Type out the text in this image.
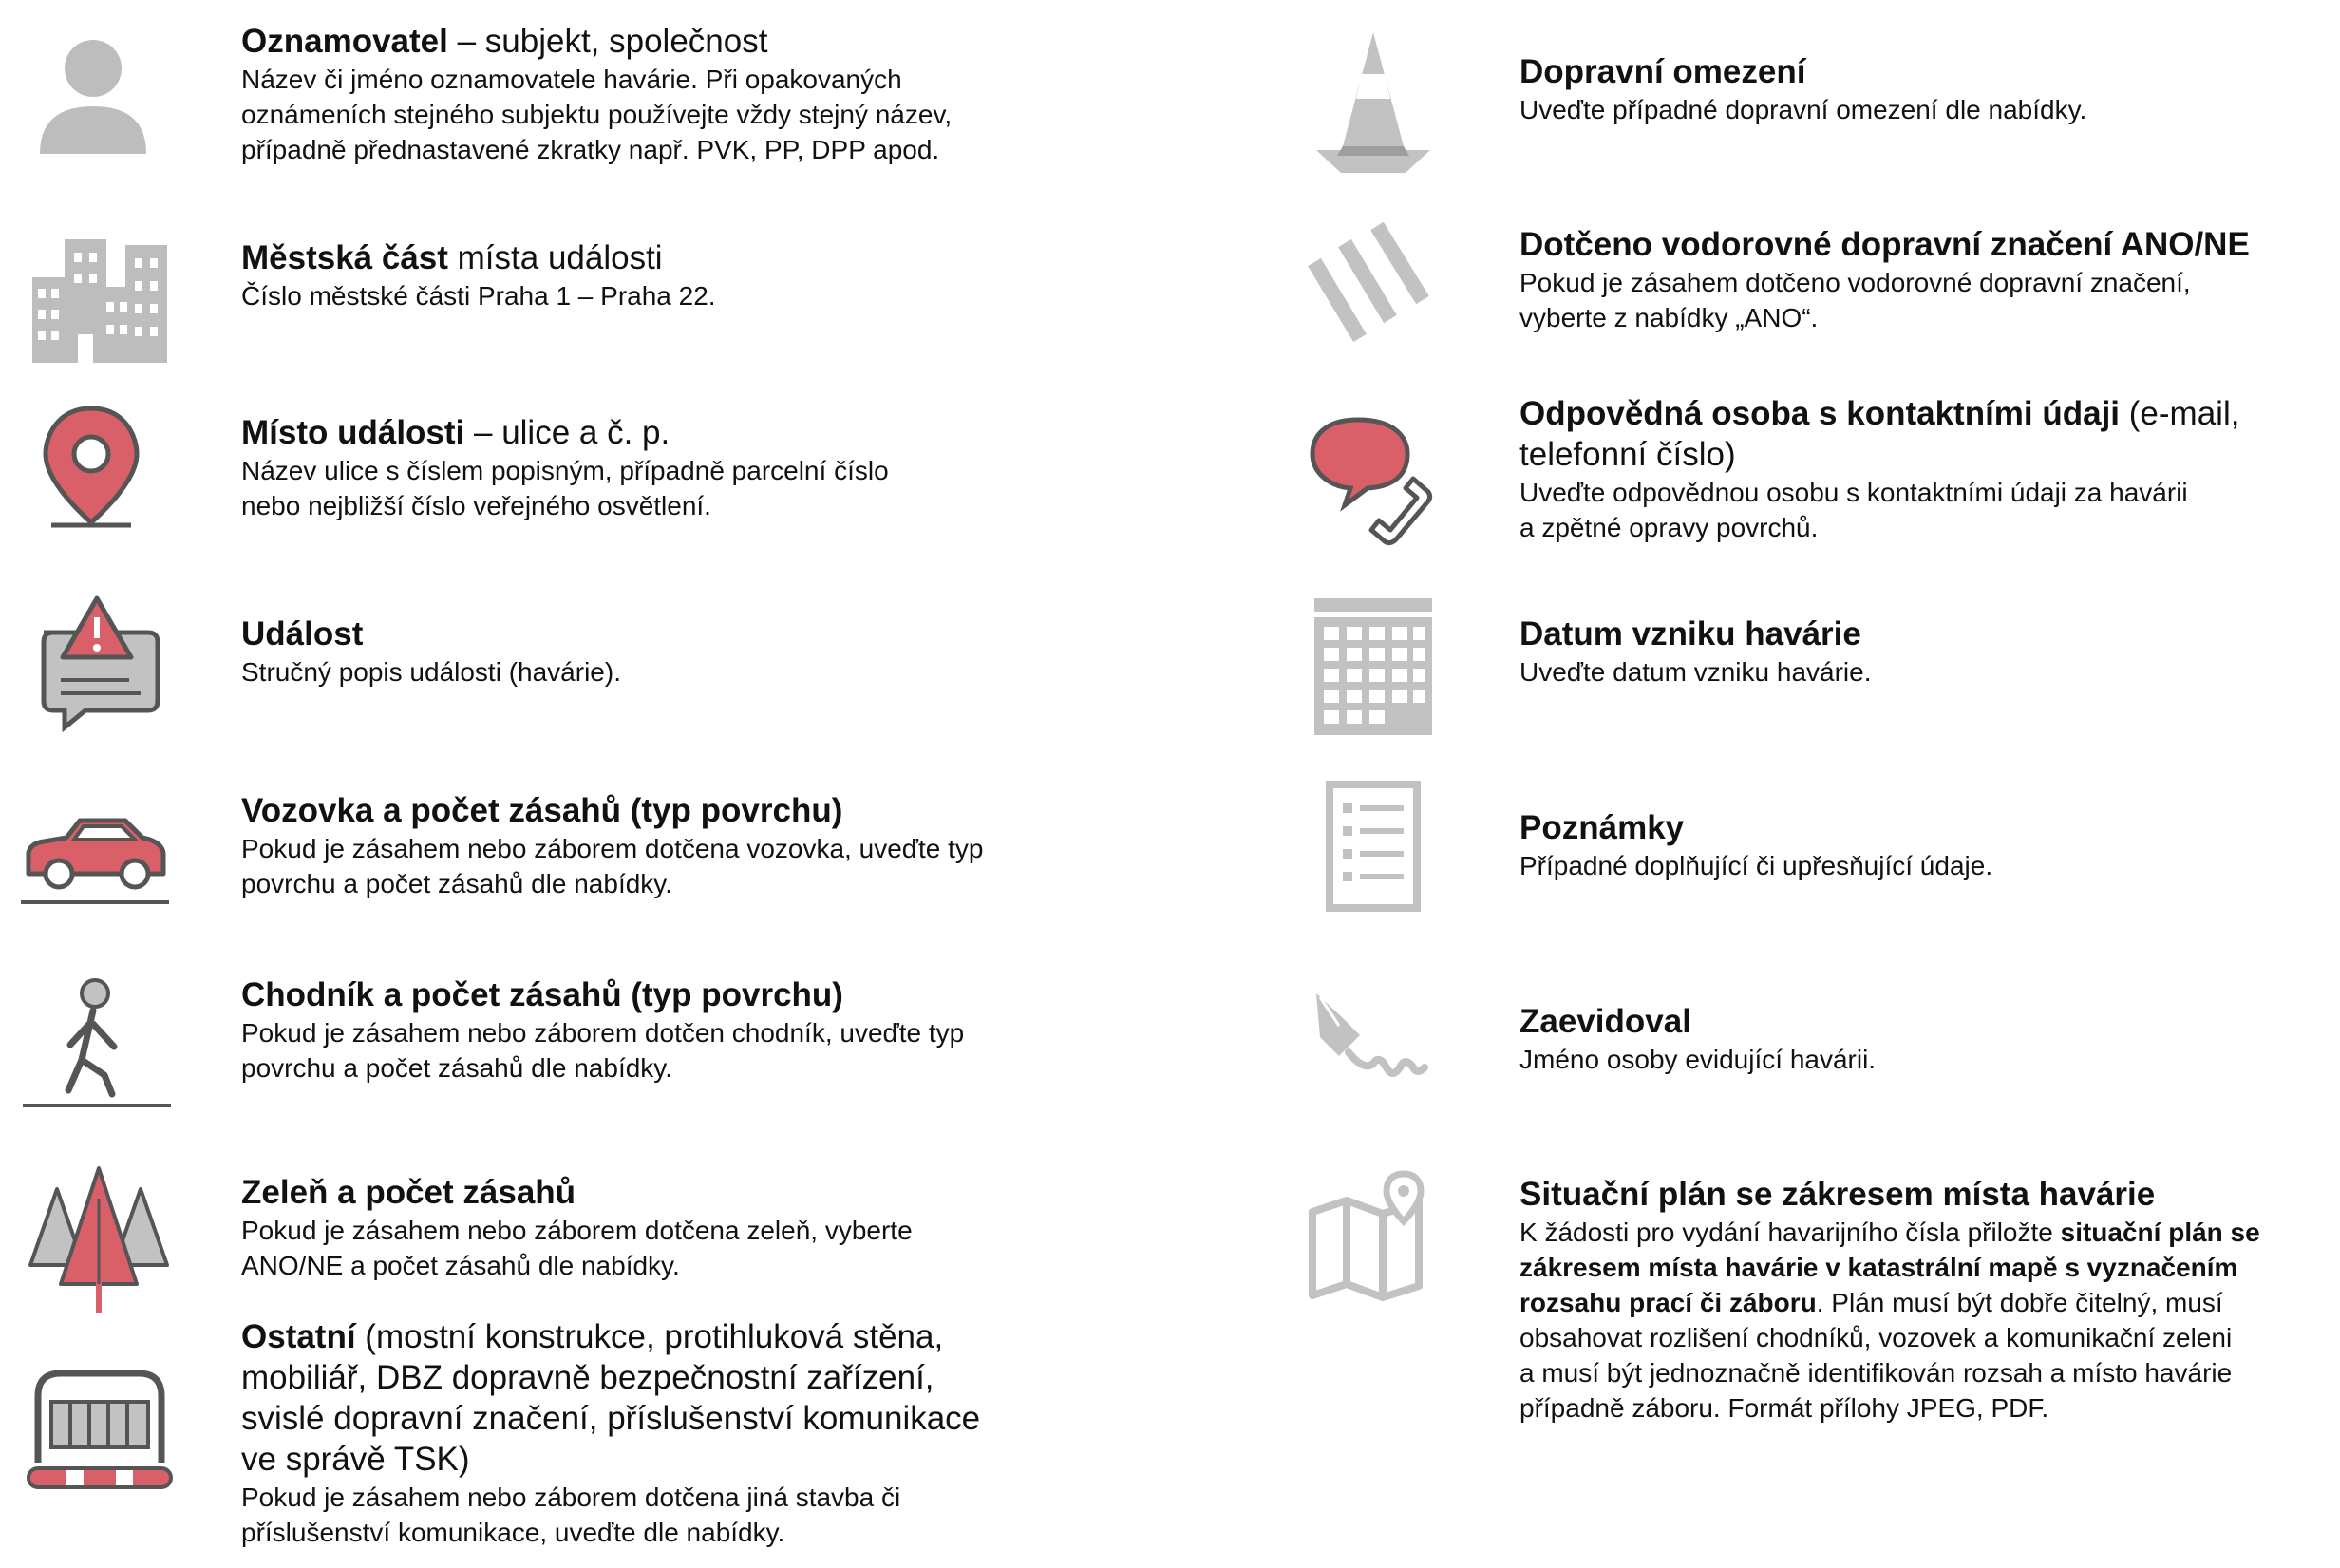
Oznamovatel – subjekt, společnost

Název či jméno oznamovatele havárie. Při opakovaných

oznámeních stejného subjektu používejte vždy stejný název,

případně přednastavené zkratky např. PVK, PP, DPP apod.

Městská část místa události

Číslo městské části Praha 1 – Praha 22.

Místo události – ulice a č. p.

Název ulice s číslem popisným, případně parcelní číslo

nebo nejbližší číslo veřejného osvětlení.

Událost

Stručný popis události (havárie).

Vozovka a počet zásahů (typ povrchu)

Pokud je zásahem nebo záborem dotčena vozovka, uveďte typ

povrchu a počet zásahů dle nabídky.

Chodník a počet zásahů (typ povrchu)

Pokud je zásahem nebo záborem dotčen chodník, uveďte typ

povrchu a počet zásahů dle nabídky.

Zeleň a počet zásahů

Pokud je zásahem nebo záborem dotčena zeleň, vyberte

ANO/NE a počet zásahů dle nabídky.

Ostatní (mostní konstrukce, protihluková stěna,

mobiliář, DBZ dopravně bezpečnostní zařízení,

svislé dopravní značení, příslušenství komunikace

ve správě TSK)

Pokud je zásahem nebo záborem dotčena jiná stavba či

příslušenství komunikace, uveďte dle nabídky.

Dopravní omezení

Uveďte případné dopravní omezení dle nabídky.

Dotčeno vodorovné dopravní značení ANO/NE

Pokud je zásahem dotčeno vodorovné dopravní značení,

vyberte z nabídky „ANO“.

Odpovědná osoba s kontaktními údaji (e-mail,

telefonní číslo)

Uveďte odpovědnou osobu s kontaktními údaji za havárii

a zpětné opravy povrchů.

Datum vzniku havárie

Uveďte datum vzniku havárie.

Poznámky

Případné doplňující či upřesňující údaje.

Zaevidoval

Jméno osoby evidující havárii.

Situační plán se zákresem místa havárie

K žádosti pro vydání havarijního čísla přiložte situační plán se

zákresem místa havárie v katastrální mapě s vyznačením

rozsahu prací či záboru. Plán musí být dobře čitelný, musí

obsahovat rozlišení chodníků, vozovek a komunikační zeleni

a musí být jednoznačně identifikován rozsah a místo havárie

případně záboru. Formát přílohy JPEG, PDF.
